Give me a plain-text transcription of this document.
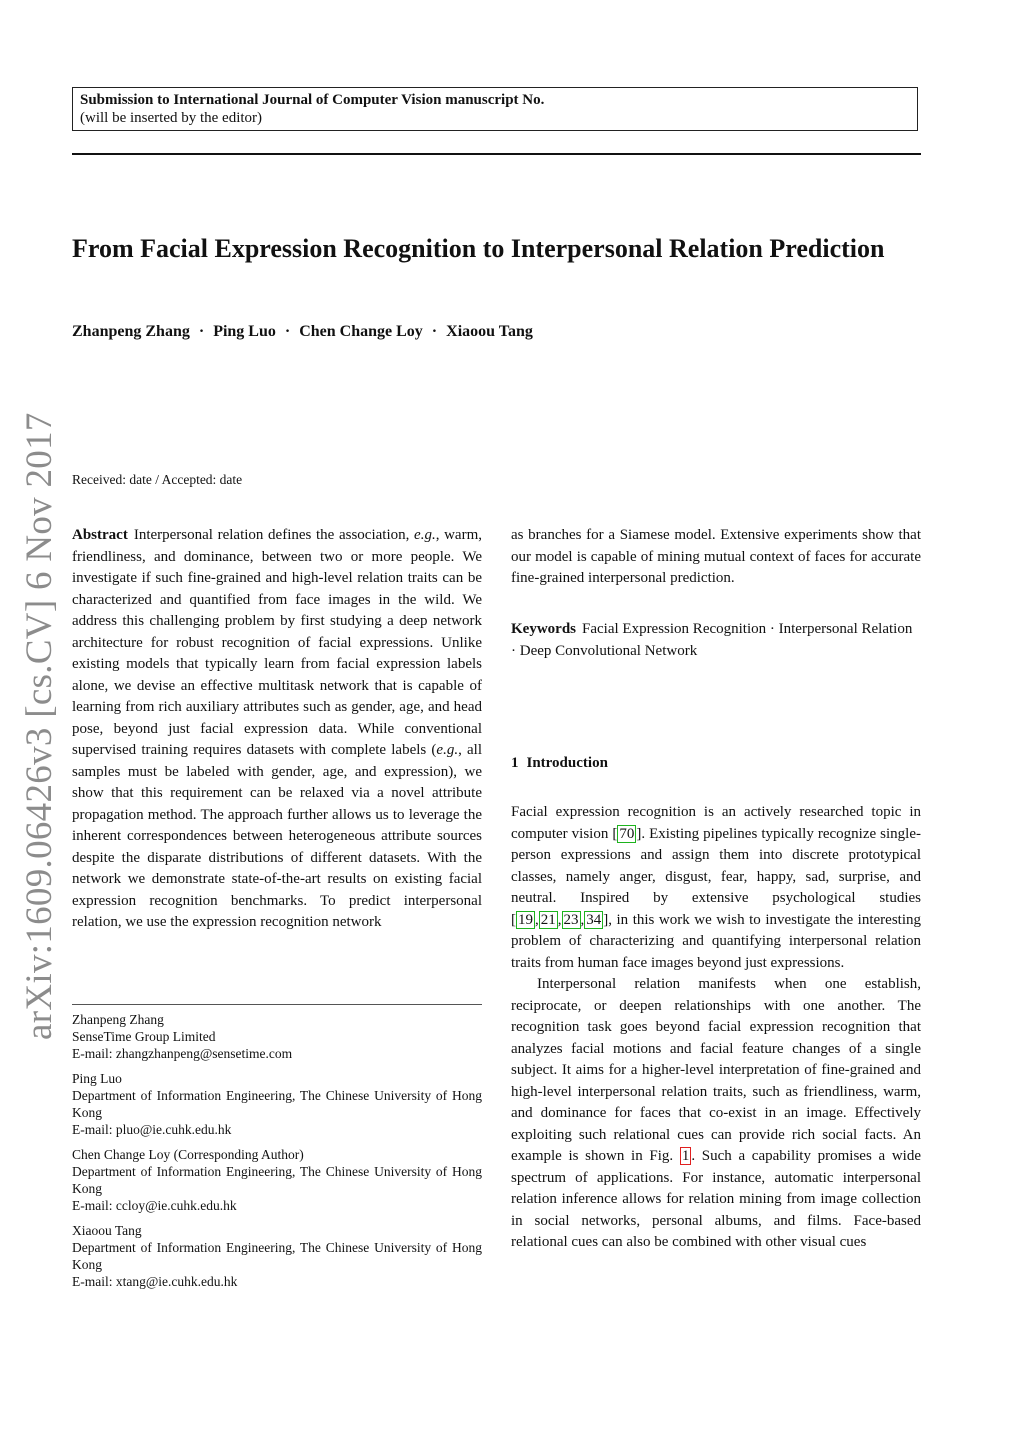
Submission to International Journal of Computer Vision manuscript No.
(will be inserted by the editor)
From Facial Expression Recognition to Interpersonal Relation Prediction
Zhanpeng Zhang · Ping Luo · Chen Change Loy · Xiaoou Tang
arXiv:1609.06426v3 [cs.CV] 6 Nov 2017 Received: date / Accepted: date
Abstract Interpersonal relation defines the association, e.g., warm, friendliness, and dominance, between two or more people. We investigate if such fine-grained and high-level relation traits can be characterized and quantified from face images in the wild. We address this challenging problem by first studying a deep network architecture for robust recognition of facial expressions. Unlike existing models that typically learn from facial expression labels alone, we devise an effective multitask network that is capable of learning from rich auxiliary attributes such as gender, age, and head pose, beyond just facial expression data. While conventional supervised training requires datasets with complete labels (e.g., all samples must be labeled with gender, age, and expression), we show that this requirement can be relaxed via a novel attribute propagation method. The approach further allows us to leverage the inherent correspondences between heterogeneous attribute sources despite the disparate distributions of different datasets. With the network we demonstrate state-of-the-art results on existing facial expression recognition benchmarks. To predict interpersonal relation, we use the expression recognition network
as branches for a Siamese model. Extensive experiments show that our model is capable of mining mutual context of faces for accurate fine-grained interpersonal prediction.
Keywords Facial Expression Recognition · Interpersonal Relation · Deep Convolutional Network
1 Introduction

Facial expression recognition is an actively researched topic in computer vision [ 70 ]. Existing pipelines typically recognize single-person expressions and assign them into discrete prototypical classes, namely anger, disgust, fear, happy, sad, surprise, and neutral. Inspired by extensive psychological studies [ 19 , 21 , 23 , 34 ], in this work we wish to investigate the interesting problem of characterizing and quantifying interpersonal relation traits from human face images beyond just expressions.

Interpersonal relation manifests when one establish, reciprocate, or deepen relationships with one another. The recognition task goes beyond facial expression recognition that analyzes facial motions and facial feature changes of a single subject. It aims for a higher-level interpretation of fine-grained and high-level interpersonal relation traits, such as friendliness, warm, and dominance for faces that co-exist in an image. Effectively exploiting such relational cues can provide rich social facts. An example is shown in Fig. 1 . Such a capability promises a wide spectrum of applications. For instance, automatic interpersonal relation inference allows for relation mining from image collection in social networks, personal albums, and films. Face-based relational cues can also be combined with other visual cues

Zhanpeng Zhang
SenseTime Group Limited
E-mail: zhangzhanpeng@sensetime.com
Ping Luo
Department of Information Engineering, The Chinese University of Hong Kong
E-mail: pluo@ie.cuhk.edu.hk
Chen Change Loy (Corresponding Author)
Department of Information Engineering, The Chinese University of Hong Kong
E-mail: ccloy@ie.cuhk.edu.hk
Xiaoou Tang
Department of Information Engineering, The Chinese University of Hong Kong
E-mail: xtang@ie.cuhk.edu.hk
